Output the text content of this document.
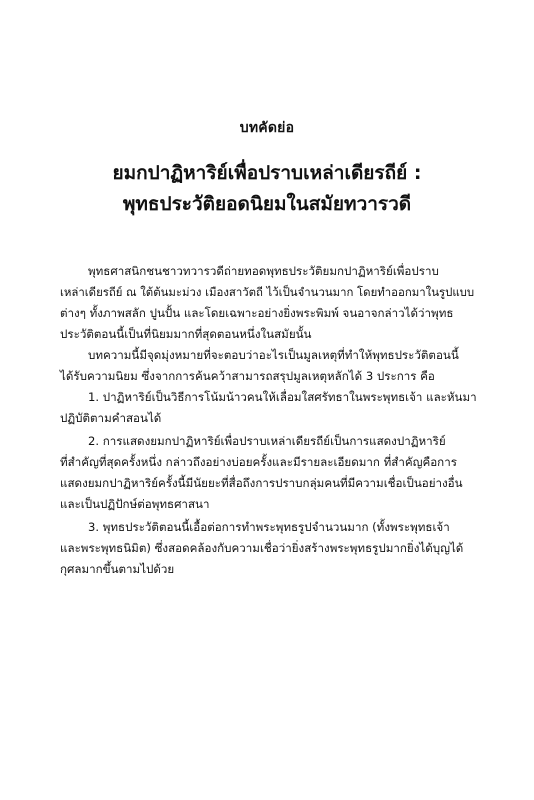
บทคัดย่อ
ยมกปาฏิหาริย์เพื่อปราบเหล่าเดียรถีย์ :
พุทธประวัติยอดนิยมในสมัยทวารวดี
พุทธศาสนิกชนชาวทวารวดีถ่ายทอดพุทธประวัติยมกปาฏิหาริย์เพื่อปราบ
เหล่าเดียรถีย์ ณ ใต้ต้นมะม่วง เมืองสาวัตถี ไว้เป็นจำนวนมาก โดยทำออกมาในรูปแบบ
ต่างๆ ทั้งภาพสลัก ปูนปั้น และโดยเฉพาะอย่างยิ่งพระพิมพ์ จนอาจกล่าวได้ว่าพุทธ
ประวัติตอนนี้เป็นที่นิยมมากที่สุดตอนหนึ่งในสมัยนั้น
บทความนี้มีจุดมุ่งหมายที่จะตอบว่าอะไรเป็นมูลเหตุที่ทำให้พุทธประวัติตอนนี้
ได้รับความนิยม ซึ่งจากการค้นคว้าสามารถสรุปมูลเหตุหลักได้ 3 ประการ คือ
1. ปาฏิหาริย์เป็นวิธีการโน้มน้าวคนให้เลื่อมใสศรัทธาในพระพุทธเจ้า และหันมา
ปฏิบัติตามคำสอนได้
2. การแสดงยมกปาฏิหาริย์เพื่อปราบเหล่าเดียรถีย์เป็นการแสดงปาฏิหาริย์
ที่สำคัญที่สุดครั้งหนึ่ง กล่าวถึงอย่างบ่อยครั้งและมีรายละเอียดมาก ที่สำคัญคือการ
แสดงยมกปาฏิหาริย์ครั้งนี้มีนัยยะที่สื่อถึงการปราบกลุ่มคนที่มีความเชื่อเป็นอย่างอื่น
และเป็นปฏิปักษ์ต่อพุทธศาสนา
3. พุทธประวัติตอนนี้เอื้อต่อการทำพระพุทธรูปจำนวนมาก (ทั้งพระพุทธเจ้า
และพระพุทธนิมิต) ซึ่งสอดคล้องกับความเชื่อว่ายิ่งสร้างพระพุทธรูปมากยิ่งได้บุญได้
กุศลมากขึ้นตามไปด้วย
